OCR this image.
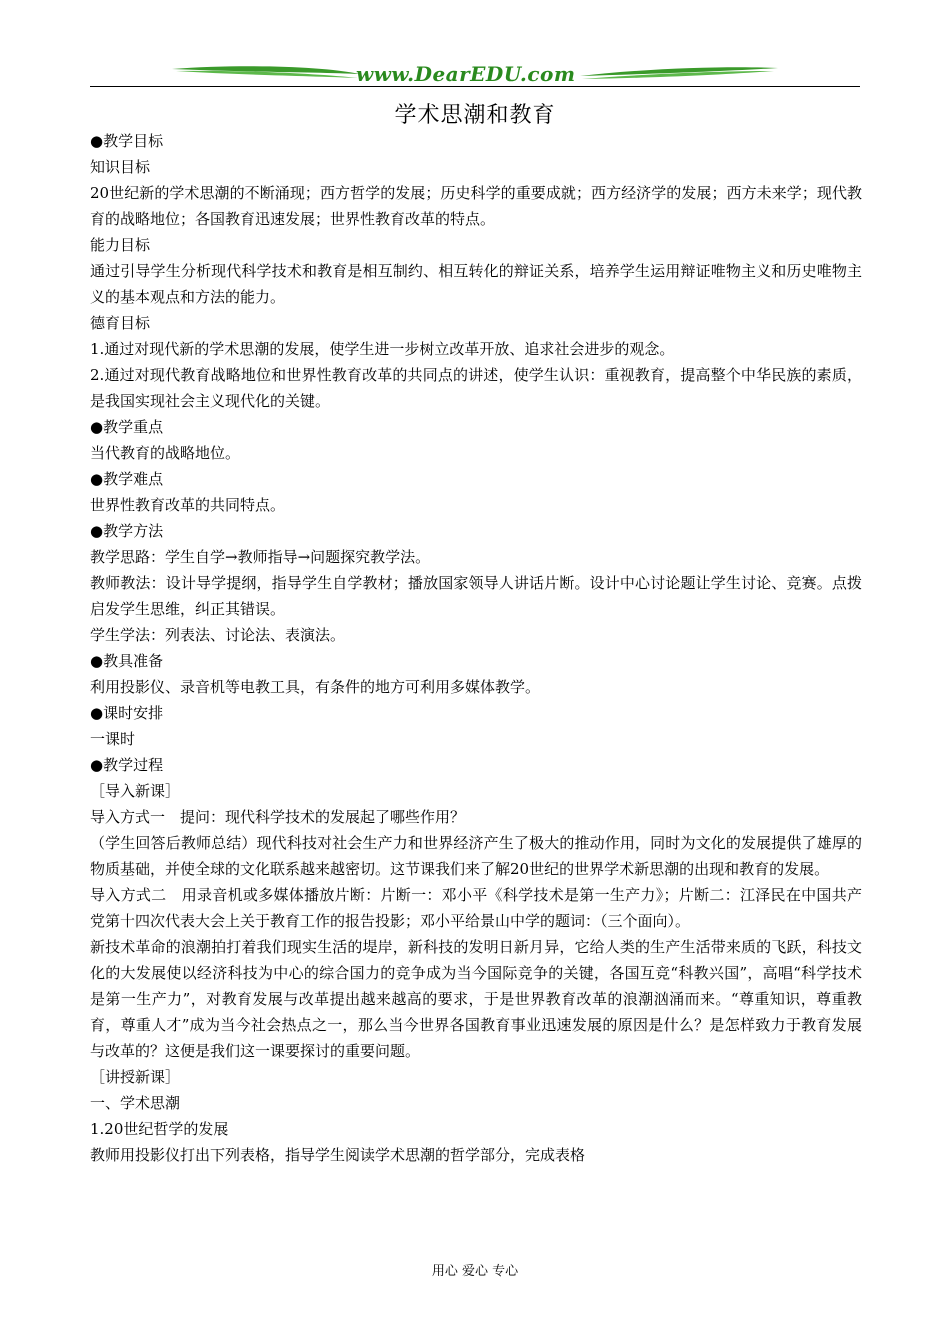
www.DearEDU.com
学术思潮和教育

●教学目标

知识目标

20世纪新的学术思潮的不断涌现；西方哲学的发展；历史科学的重要成就；西方经济学的发展；西方未来学；现代教育的战略地位；各国教育迅速发展；世界性教育改革的特点。

能力目标

通过引导学生分析现代科学技术和教育是相互制约、相互转化的辩证关系，培养学生运用辩证唯物主义和历史唯物主义的基本观点和方法的能力。

德育目标

1.通过对现代新的学术思潮的发展，使学生进一步树立改革开放、追求社会进步的观念。

2.通过对现代教育战略地位和世界性教育改革的共同点的讲述，使学生认识：重视教育，提高整个中华民族的素质，是我国实现社会主义现代化的关键。

●教学重点

当代教育的战略地位。

●教学难点

世界性教育改革的共同特点。

●教学方法

教学思路：学生自学→教师指导→问题探究教学法。

教师教法：设计导学提纲，指导学生自学教材；播放国家领导人讲话片断。设计中心讨论题让学生讨论、竞赛。点拨启发学生思维，纠正其错误。

学生学法：列表法、讨论法、表演法。

●教具准备

利用投影仪、录音机等电教工具，有条件的地方可利用多媒体教学。

●课时安排

一课时

●教学过程

［导入新课］

导入方式一　提问：现代科学技术的发展起了哪些作用？

（学生回答后教师总结）现代科技对社会生产力和世界经济产生了极大的推动作用，同时为文化的发展提供了雄厚的物质基础，并使全球的文化联系越来越密切。这节课我们来了解20世纪的世界学术新思潮的出现和教育的发展。

导入方式二　用录音机或多媒体播放片断：片断一：邓小平《科学技术是第一生产力》；片断二：江泽民在中国共产党第十四次代表大会上关于教育工作的报告投影；邓小平给景山中学的题词：（三个面向）。

新技术革命的浪潮拍打着我们现实生活的堤岸，新科技的发明日新月异，它给人类的生产生活带来质的飞跃，科技文化的大发展使以经济科技为中心的综合国力的竞争成为当今国际竞争的关键，各国互竞“科教兴国”，高唱“科学技术是第一生产力”，对教育发展与改革提出越来越高的要求，于是世界教育改革的浪潮汹涌而来。“尊重知识，尊重教育，尊重人才”成为当今社会热点之一，那么当今世界各国教育事业迅速发展的原因是什么？是怎样致力于教育发展与改革的？这便是我们这一课要探讨的重要问题。

［讲授新课］

一、学术思潮

1.20世纪哲学的发展

教师用投影仪打出下列表格，指导学生阅读学术思潮的哲学部分，完成表格

用心 爱心 专心
